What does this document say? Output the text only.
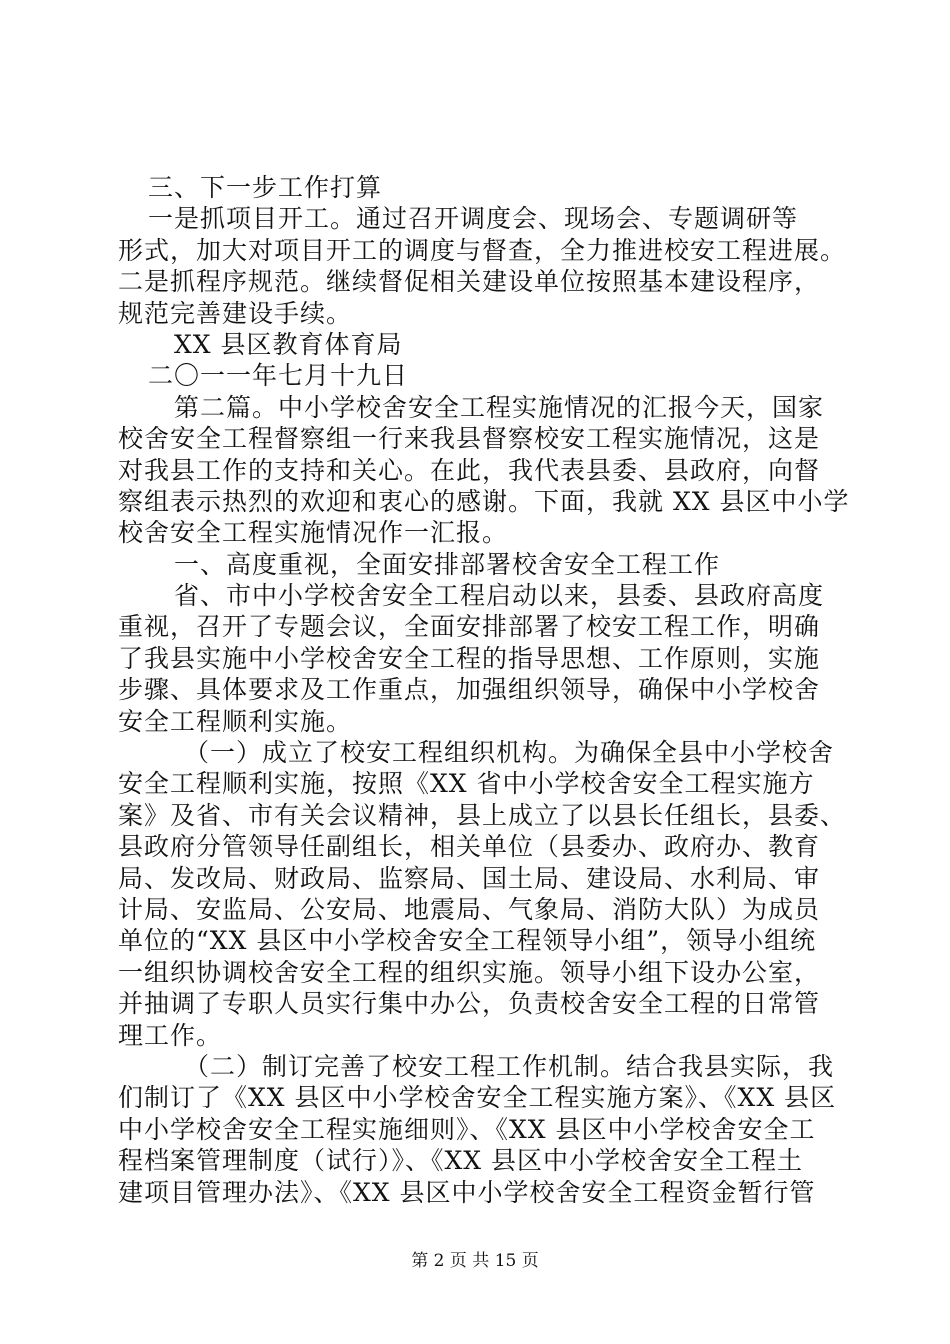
三、下一步工作打算
一是抓项目开工。通过召开调度会、现场会、专题调研等
形式，加大对项目开工的调度与督查，全力推进校安工程进展。
二是抓程序规范。继续督促相关建设单位按照基本建设程序，
规范完善建设手续。
XX 县区教育体育局
二〇一一年七月十九日
第二篇。中小学校舍安全工程实施情况的汇报今天，国家
校舍安全工程督察组一行来我县督察校安工程实施情况，这是
对我县工作的支持和关心。在此，我代表县委、县政府，向督
察组表示热烈的欢迎和衷心的感谢。下面，我就 XX 县区中小学
校舍安全工程实施情况作一汇报。
一、高度重视，全面安排部署校舍安全工程工作
省、市中小学校舍安全工程启动以来，县委、县政府高度
重视，召开了专题会议，全面安排部署了校安工程工作，明确
了我县实施中小学校舍安全工程的指导思想、工作原则，实施
步骤、具体要求及工作重点，加强组织领导，确保中小学校舍
安全工程顺利实施。
（一）成立了校安工程组织机构。为确保全县中小学校舍
安全工程顺利实施，按照《XX 省中小学校舍安全工程实施方
案》及省、市有关会议精神，县上成立了以县长任组长，县委、
县政府分管领导任副组长，相关单位（县委办、政府办、教育
局、发改局、财政局、监察局、国土局、建设局、水利局、审
计局、安监局、公安局、地震局、气象局、消防大队）为成员
单位的“XX 县区中小学校舍安全工程领导小组”，领导小组统
一组织协调校舍安全工程的组织实施。领导小组下设办公室，
并抽调了专职人员实行集中办公，负责校舍安全工程的日常管
理工作。
（二）制订完善了校安工程工作机制。结合我县实际，我
们制订了《XX 县区中小学校舍安全工程实施方案》、《XX 县区
中小学校舍安全工程实施细则》、《XX 县区中小学校舍安全工
程档案管理制度（试行）》、《XX 县区中小学校舍安全工程土
建项目管理办法》、《XX 县区中小学校舍安全工程资金暂行管
第 2 页 共 15 页
